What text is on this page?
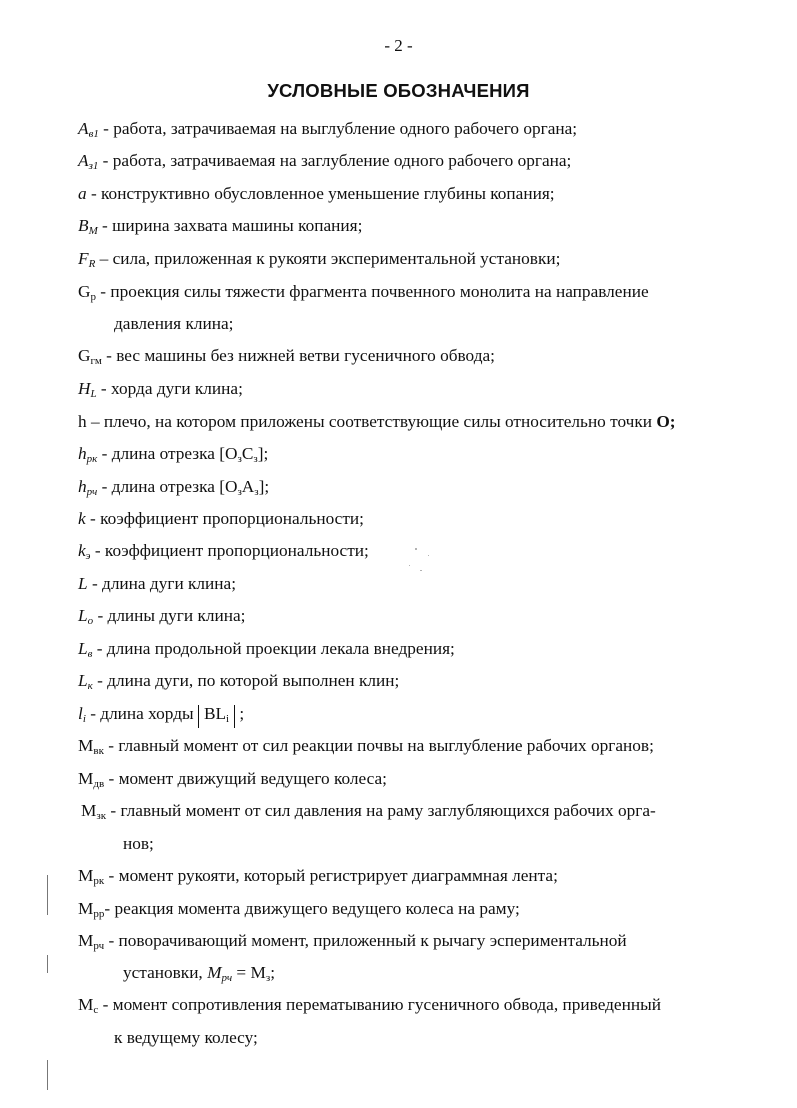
- 2 -
УСЛОВНЫЕ ОБОЗНАЧЕНИЯ
$A_{в1}$ - работа, затрачиваемая на выглубление одного рабочего органа;
$A_{з1}$ - работа, затрачиваемая на заглубление одного рабочего органа;
a - конструктивно обусловленное уменьшение глубины копания;
$B_M$ - ширина захвата машины копания;
$F_R$ – сила, приложенная к рукояти экспериментальной установки;
$G_p$ - проекция силы тяжести фрагмента почвенного монолита на направление
давления клина;
$G_{гм}$ - вес машины без нижней ветви гусеничного обвода;
$H_L$ - хорда дуги клина;
h – плечо, на котором приложены соответствующие силы относительно точки O;
$h_{рк}$ - длина отрезка $[O_зC_з]$;
$h_{рч}$ - длина отрезка $[O_зA_з]$;
k - коэффициент пропорциональности;
$k_э$ - коэффициент пропорциональности;
L - длина дуги клина;
$L_o$ - длины дуги клина;
$L_в$ - длина продольной проекции лекала внедрения;
$L_к$ - длина дуги, по которой выполнен клин;
$l_i$ - длина хорды $BL_i$ ;
$M_{вк}$ - главный момент от сил реакции почвы на выглубление рабочих органов;
$M_{дв}$ - момент движущий ведущего колеса;
$M_{зк}$ - главный момент от сил давления на раму заглубляющихся рабочих орга-
нов;
$M_{рк}$ - момент рукояти, который регистрирует диаграммная лента;
$M_{рр}-$ реакция момента движущего ведущего колеса на раму;
$M_{рч}$ - поворачивающий момент, приложенный к рычагу эспериментальной
установки, $M_{рч} = M_з$;
$M_c$ - момент сопротивления перематыванию гусеничного обвода, приведенный
к ведущему колесу;
